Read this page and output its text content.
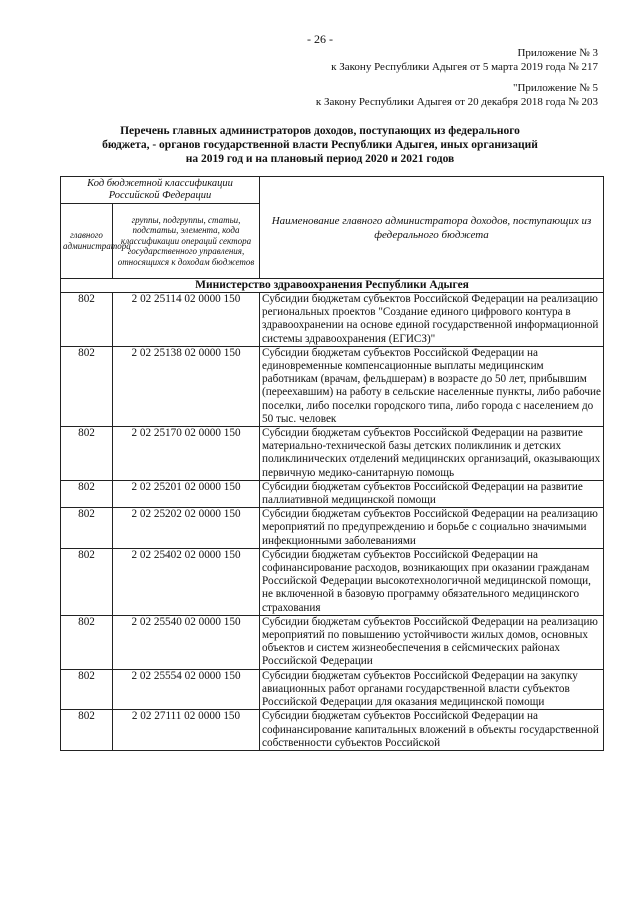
- 26 -
Приложение № 3
к Закону Республики Адыгея от 5 марта 2019 года № 217
"Приложение № 5
к Закону Республики Адыгея от 20 декабря 2018 года № 203
Перечень главных администраторов доходов, поступающих из федерального
бюджета, - органов государственной власти Республики Адыгея, иных организаций
на 2019 год и на плановый период 2020 и 2021 годов
Код бюджетной классификации Российской Федерации		Наименование главного администратора доходов, поступающих из федерального бюджета
главного администратора	группы, подгруппы, статьи, подстатьи, элемента, кода классификации операций сектора государственного управления, относящихся к доходам бюджетов	
Министерство здравоохранения Республики Адыгея		
802	2 02 25114 02 0000 150	Субсидии бюджетам субъектов Российской Федерации на реализацию региональных проектов "Создание единого цифрового контура в здравоохранении на основе единой государственной информационной системы здравоохранения (ЕГИСЗ)"
802	2 02 25138 02 0000 150	Субсидии бюджетам субъектов Российской Федерации на единовременные компенсационные выплаты медицинским работникам (врачам, фельдшерам) в возрасте до 50 лет, прибывшим (переехавшим) на работу в сельские населенные пункты, либо рабочие поселки, либо поселки городского типа, либо города с населением до 50 тыс. человек
802	2 02 25170 02 0000 150	Субсидии бюджетам субъектов Российской Федерации на развитие материально-технической базы детских поликлиник и детских поликлинических отделений медицинских организаций, оказывающих первичную медико-санитарную помощь
802	2 02 25201 02 0000 150	Субсидии бюджетам субъектов Российской Федерации на развитие паллиативной медицинской помощи
802	2 02 25202 02 0000 150	Субсидии бюджетам субъектов Российской Федерации на реализацию мероприятий по предупреждению и борьбе с социально значимыми инфекционными заболеваниями
802	2 02 25402 02 0000 150	Субсидии бюджетам субъектов Российской Федерации на софинансирование расходов, возникающих при оказании гражданам Российской Федерации высокотехнологичной медицинской помощи, не включенной в базовую программу обязательного медицинского страхования
802	2 02 25540 02 0000 150	Субсидии бюджетам субъектов Российской Федерации на реализацию мероприятий по повышению устойчивости жилых домов, основных объектов и систем жизнеобеспечения в сейсмических районах Российской Федерации
802	2 02 25554 02 0000 150	Субсидии бюджетам субъектов Российской Федерации на закупку авиационных работ органами государственной власти субъектов Российской Федерации для оказания медицинской помощи
802	2 02 27111 02 0000 150	Субсидии бюджетам субъектов Российской Федерации на софинансирование капитальных вложений в объекты государственной собственности субъектов Российской
